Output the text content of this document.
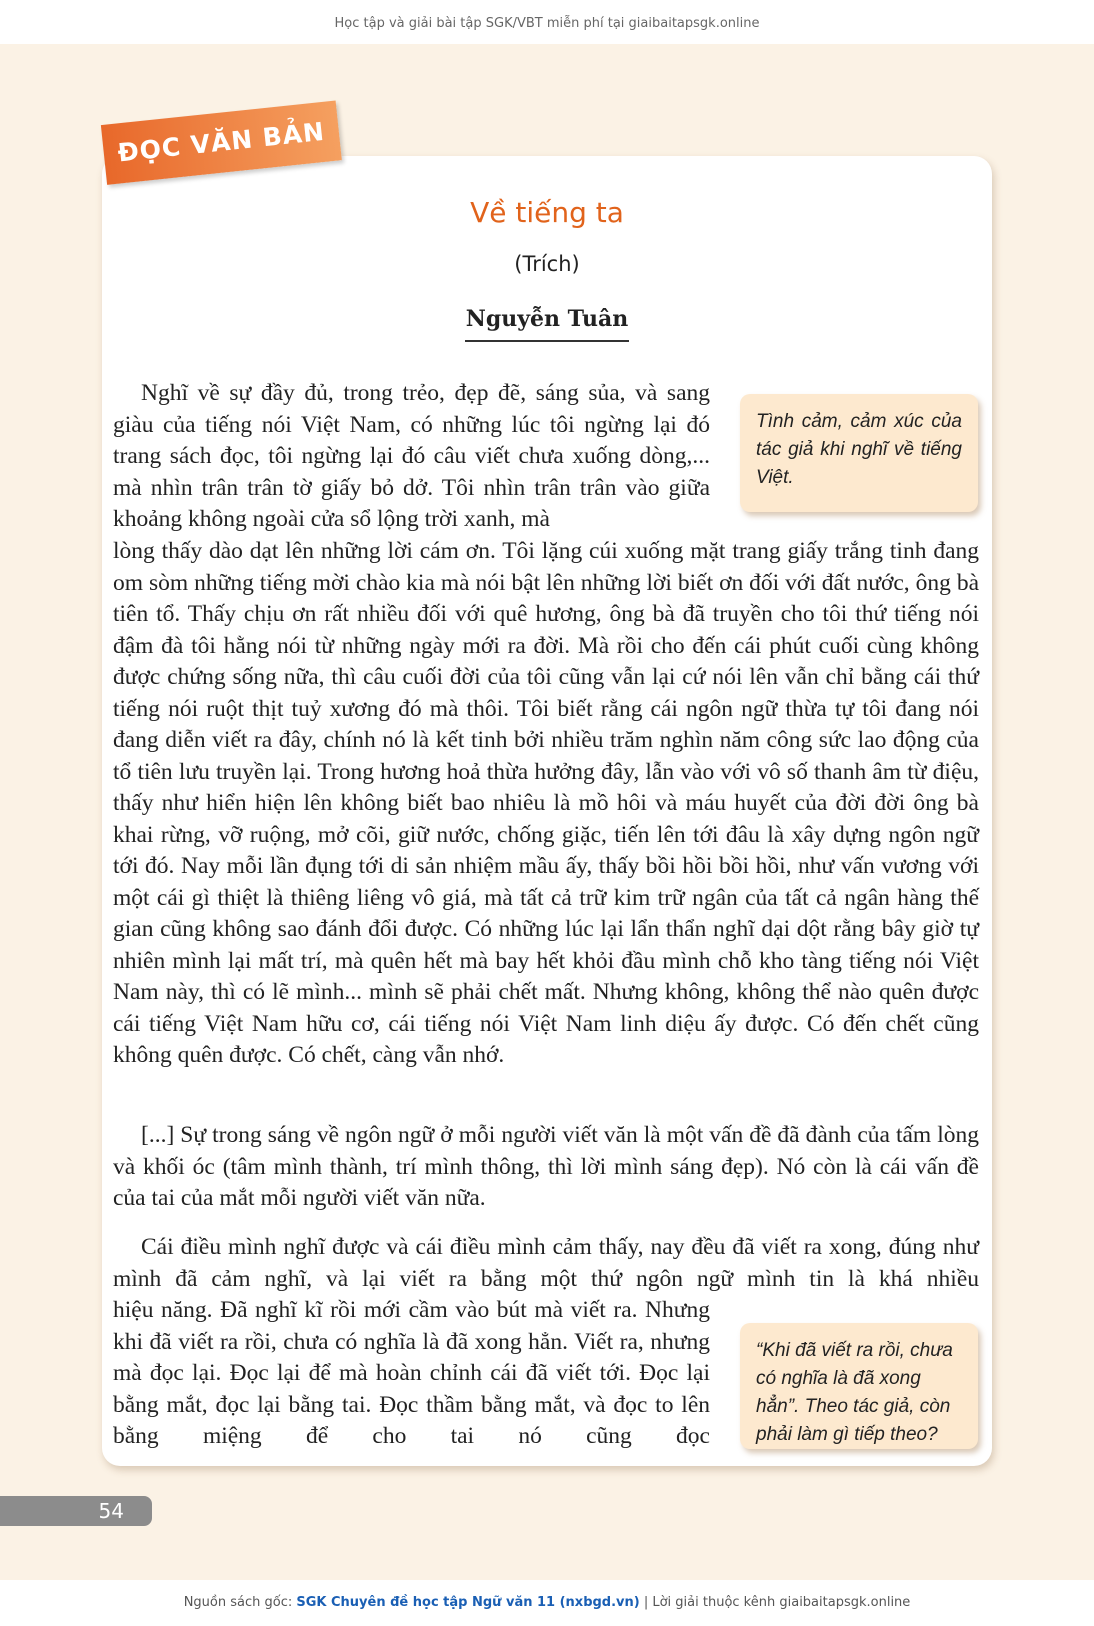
Học tập và giải bài tập SGK/VBT miễn phí tại giaibaitapsgk.online
ĐỌC VĂN BẢN
Về tiếng ta
(Trích)
Nguyễn Tuân
Tình cảm, cảm xúc của tác giả khi nghĩ về tiếng Việt.
Nghĩ về sự đầy đủ, trong trẻo, đẹp đẽ, sáng sủa, và sang giàu của tiếng nói Việt Nam, có những lúc tôi ngừng lại đó trang sách đọc, tôi ngừng lại đó câu viết chưa xuống dòng,... mà nhìn trân trân tờ giấy bỏ dở. Tôi nhìn trân trân vào giữa khoảng không ngoài cửa sổ lộng trời xanh, mà
lòng thấy dào dạt lên những lời cám ơn. Tôi lặng cúi xuống mặt trang giấy trắng tinh đang om sòm những tiếng mời chào kia mà nói bật lên những lời biết ơn đối với đất nước, ông bà tiên tổ. Thấy chịu ơn rất nhiều đối với quê hương, ông bà đã truyền cho tôi thứ tiếng nói đậm đà tôi hằng nói từ những ngày mới ra đời. Mà rồi cho đến cái phút cuối cùng không được chứng sống nữa, thì câu cuối đời của tôi cũng vẫn lại cứ nói lên vẫn chỉ bằng cái thứ tiếng nói ruột thịt tuỷ xương đó mà thôi. Tôi biết rằng cái ngôn ngữ thừa tự tôi đang nói đang diễn viết ra đây, chính nó là kết tinh bởi nhiều trăm nghìn năm công sức lao động của tổ tiên lưu truyền lại. Trong hương hoả thừa hưởng đây, lẫn vào với vô số thanh âm từ điệu, thấy như hiển hiện lên không biết bao nhiêu là mồ hôi và máu huyết của đời đời ông bà khai rừng, vỡ ruộng, mở cõi, giữ nước, chống giặc, tiến lên tới đâu là xây dựng ngôn ngữ tới đó. Nay mỗi lần đụng tới di sản nhiệm mầu ấy, thấy bồi hồi bồi hồi, như vấn vương với một cái gì thiệt là thiêng liêng vô giá, mà tất cả trữ kim trữ ngân của tất cả ngân hàng thế gian cũng không sao đánh đổi được. Có những lúc lại lẩn thẩn nghĩ dại dột rằng bây giờ tự nhiên mình lại mất trí, mà quên hết mà bay hết khỏi đầu mình chỗ kho tàng tiếng nói Việt Nam này, thì có lẽ mình... mình sẽ phải chết mất. Nhưng không, không thể nào quên được cái tiếng Việt Nam hữu cơ, cái tiếng nói Việt Nam linh diệu ấy được. Có đến chết cũng không quên được. Có chết, càng vẫn nhớ.
[...] Sự trong sáng về ngôn ngữ ở mỗi người viết văn là một vấn đề đã đành của tấm lòng và khối óc (tâm mình thành, trí mình thông, thì lời mình sáng đẹp). Nó còn là cái vấn đề của tai của mắt mỗi người viết văn nữa.
Cái điều mình nghĩ được và cái điều mình cảm thấy, nay đều đã viết ra xong, đúng như mình đã cảm nghĩ, và lại viết ra bằng một thứ ngôn ngữ mình tin là khá nhiều
hiệu năng. Đã nghĩ kĩ rồi mới cầm vào bút mà viết ra. Nhưng khi đã viết ra rồi, chưa có nghĩa là đã xong hẳn. Viết ra, nhưng mà đọc lại. Đọc lại để mà hoàn chỉnh cái đã viết tới. Đọc lại bằng mắt, đọc lại bằng tai. Đọc thầm bằng mắt, và đọc to lên bằng miệng để cho tai nó cũng đọc
“Khi đã viết ra rồi, chưa có nghĩa là đã xong hẳn”. Theo tác giả, còn phải làm gì tiếp theo?
54
Nguồn sách gốc: SGK Chuyên đề học tập Ngữ văn 11 (nxbgd.vn) | Lời giải thuộc kênh giaibaitapsgk.online
